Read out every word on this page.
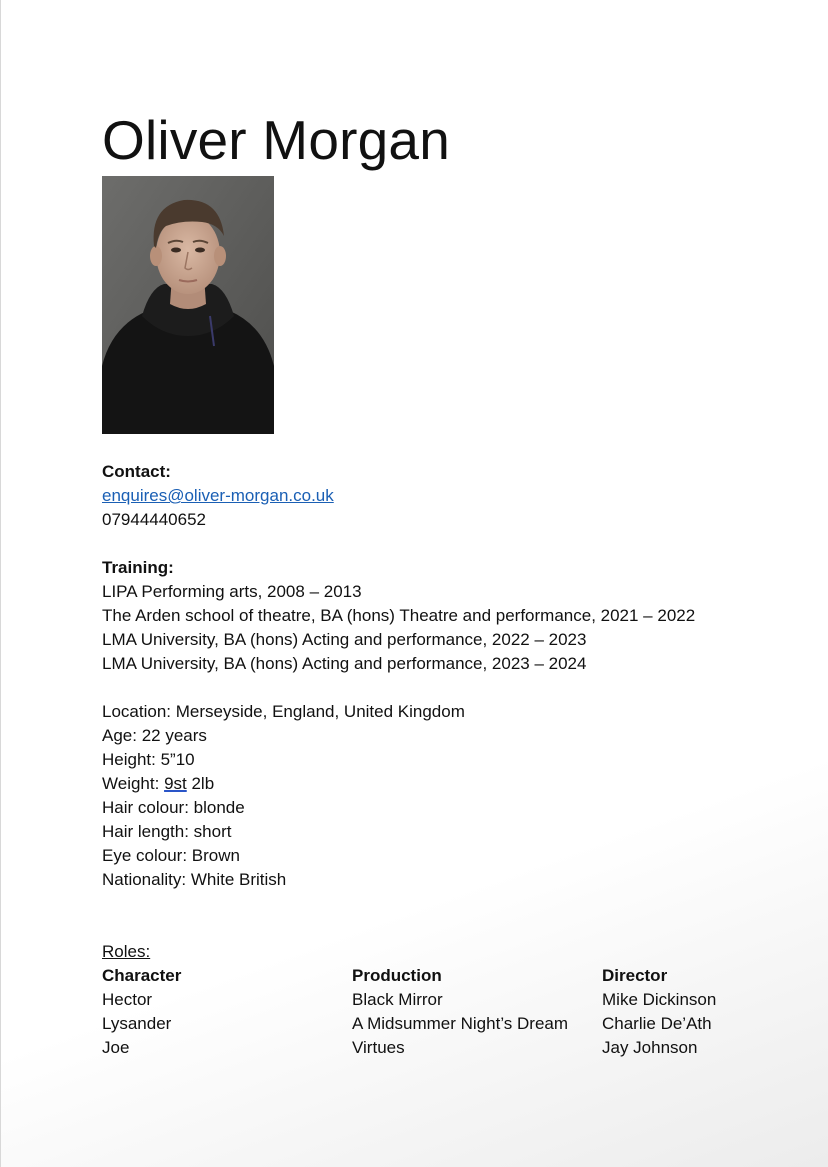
Oliver Morgan

Contact:

enquires@oliver-morgan.co.uk

07944440652

Training:

LIPA Performing arts, 2008 – 2013

The Arden school of theatre, BA (hons) Theatre and performance, 2021 – 2022

LMA University, BA (hons) Acting and performance, 2022 – 2023

LMA University, BA (hons) Acting and performance, 2023 – 2024

Location: Merseyside, England, United Kingdom

Age: 22 years

Height: 5”10

Weight: 9st 2lb

Hair colour: blonde

Hair length: short

Eye colour: Brown

Nationality: White British

Roles:

Character	Production	Director
Hector	Black Mirror	Mike Dickinson
Lysander	A Midsummer Night’s Dream	Charlie De’Ath
Joe	Virtues	Jay Johnson
